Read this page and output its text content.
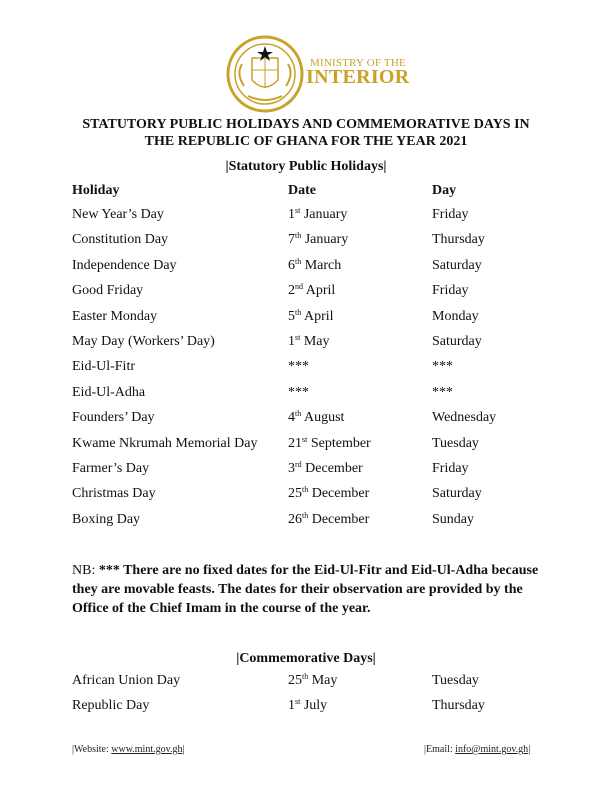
MINISTRY OF THE
INTERIOR
STATUTORY PUBLIC HOLIDAYS AND COMMEMORATIVE DAYS IN
THE REPUBLIC OF GHANA FOR THE YEAR 2021
|Statutory Public Holidays|
Holiday	Date	Day
New Year’s Day	1st January	Friday
Constitution Day	7th January	Thursday
Independence Day	6th March	Saturday
Good Friday	2nd April	Friday
Easter Monday	5th April	Monday
May Day (Workers’ Day)	1st May	Saturday
Eid-Ul-Fitr	***	***
Eid-Ul-Adha	***	***
Founders’ Day	4th August	Wednesday
Kwame Nkrumah Memorial Day 21st September	Tuesday
Farmer’s Day	3rd December	Friday
Christmas Day	25th December	Saturday
Boxing Day	26th December	Sunday
NB: *** There are no fixed dates for the Eid-Ul-Fitr and Eid-Ul-Adha because they are movable feasts. The dates for their observation are provided by the Office of the Chief Imam in the course of the year.
|Commemorative Days|
African Union Day	25th May	Tuesday
Republic Day	1st July	Thursday
|Website: www.mint.gov.gh|	|Email: info@mint.gov.gh|
